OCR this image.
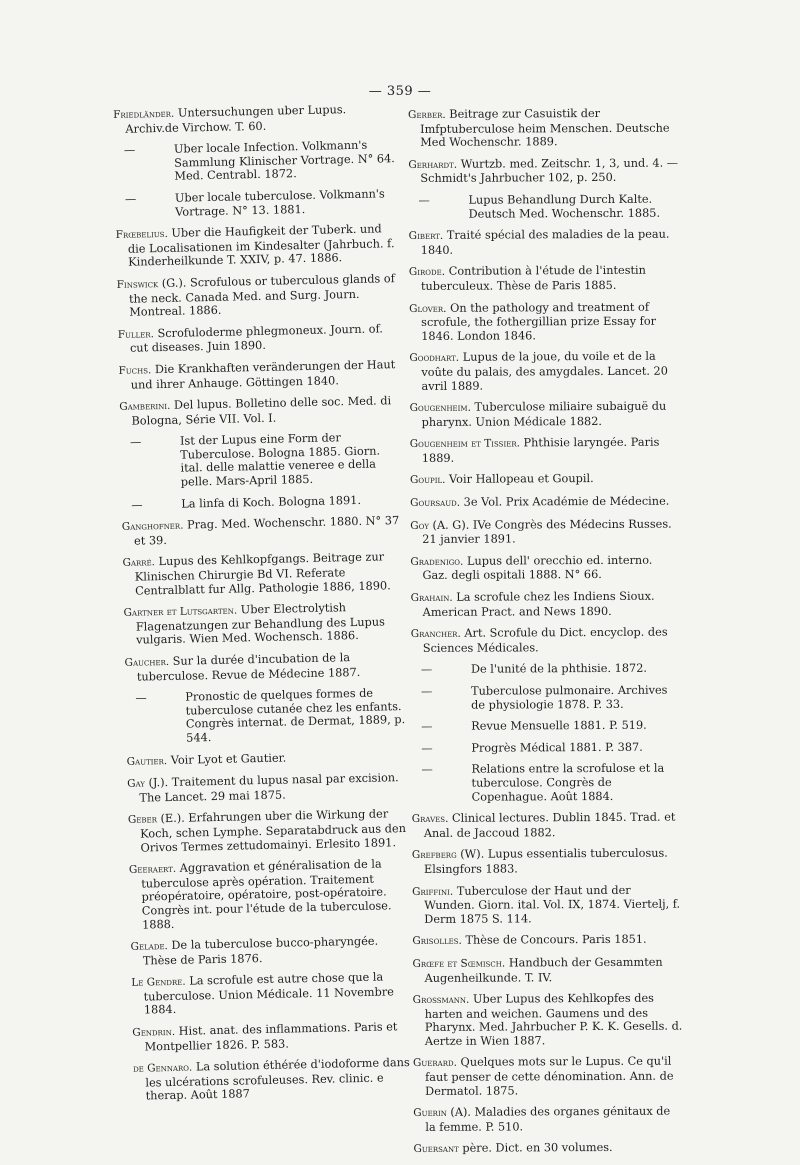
— 359 —
Friedländer. Untersuchungen uber Lupus. Archiv.de Virchow. T. 60.
—	Uber locale Infection. Volkmann's Sammlung Klinischer Vortrage. N° 64. Med. Centrabl. 1872.
—	Uber locale tuberculose. Volkmann's Vortrage. N° 13. 1881.
Frœbelius. Uber die Haufigkeit der Tuberk. und die Localisationen im Kindesalter (Jahrbuch. f. Kinderheilkunde T. XXIV, p. 47. 1886.
Finswick (G.). Scrofulous or tuberculous glands of the neck. Canada Med. and Surg. Journ. Montreal. 1886.
Fuller. Scrofuloderme phlegmoneux. Journ. of. cut diseases. Juin 1890.
Fuchs. Die Krankhaften veränderungen der Haut und ihrer Anhauge. Göttingen 1840.
Gamberini. Del lupus. Bolletino delle soc. Med. di Bologna, Série VII. Vol. I.
—	Ist der Lupus eine Form der Tuberculose. Bologna 1885. Giorn. ital. delle malattie veneree e della pelle. Mars-April 1885.
—	La linfa di Koch. Bologna 1891.
Ganghofner. Prag. Med. Wochenschr. 1880. N° 37 et 39.
Garré. Lupus des Kehlkopfgangs. Beitrage zur Klinischen Chirurgie Bd VI. Referate Centralblatt fur Allg. Pathologie 1886, 1890.
Gartner et Lutsgarten. Uber Electrolytish Flagenatzungen zur Behandlung des Lupus vulgaris. Wien Med. Wochensch. 1886.
Gaucher. Sur la durée d'incubation de la tuberculose. Revue de Médecine 1887.
—	Pronostic de quelques formes de tuberculose cutanée chez les enfants. Congrès internat. de Dermat, 1889, p. 544.
Gautier. Voir Lyot et Gautier.
Gay (J.). Traitement du lupus nasal par excision. The Lancet. 29 mai 1875.
Geber (E.). Erfahrungen uber die Wirkung der Koch, schen Lymphe. Separatabdruck aus den Orivos Termes zettudomainyi. Erlesito 1891.
Geeraert. Aggravation et généralisation de la tuberculose après opération. Traitement préopératoire, opératoire, post-opératoire. Congrès int. pour l'étude de la tuberculose. 1888.
Gelade. De la tuberculose bucco-pharyngée. Thèse de Paris 1876.
Le Gendre. La scrofule est autre chose que la tuberculose. Union Médicale. 11 Novembre 1884.
Gendrin. Hist. anat. des inflammations. Paris et Montpellier 1826. P. 583.
de Gennaro. La solution éthérée d'iodoforme dans les ulcérations scrofuleuses. Rev. clinic. e therap. Août 1887
Gerber. Beitrage zur Casuistik der Imfptuberculose heim Menschen. Deutsche Med Wochenschr. 1889.
Gerhardt. Wurtzb. med. Zeitschr. 1, 3, und. 4. — Schmidt's Jahrbucher 102, p. 250.
—	Lupus Behandlung Durch Kalte. Deutsch Med. Wochenschr. 1885.
Gibert. Traité spécial des maladies de la peau. 1840.
Girode. Contribution à l'étude de l'intestin tuberculeux. Thèse de Paris 1885.
Glover. On the pathology and treatment of scrofule, the fothergillian prize Essay for 1846. London 1846.
Goodhart. Lupus de la joue, du voile et de la voûte du palais, des amygdales. Lancet. 20 avril 1889.
Gougenheim. Tuberculose miliaire subaiguë du pharynx. Union Médicale 1882.
Gougenheim et Tissier. Phthisie laryngée. Paris 1889.
Goupil. Voir Hallopeau et Goupil.
Goursaud. 3e Vol. Prix Académie de Médecine.
Goy (A. G). IVe Congrès des Médecins Russes. 21 janvier 1891.
Gradenigo. Lupus dell' orecchio ed. interno. Gaz. degli ospitali 1888. N° 66.
Grahain. La scrofule chez les Indiens Sioux. American Pract. and News 1890.
Grancher. Art. Scrofule du Dict. encyclop. des Sciences Médicales.
—	De l'unité de la phthisie. 1872.
—	Tuberculose pulmonaire. Archives de physiologie 1878. P. 33.
—	Revue Mensuelle 1881. P. 519.
—	Progrès Médical 1881. P. 387.
—	Relations entre la scrofulose et la tuberculose. Congrès de Copenhague. Août 1884.
Graves. Clinical lectures. Dublin 1845. Trad. et Anal. de Jaccoud 1882.
Grefberg (W). Lupus essentialis tuberculosus. Elsingfors 1883.
Griffini. Tuberculose der Haut und der Wunden. Giorn. ital. Vol. IX, 1874. Viertelj, f. Derm 1875 S. 114.
Grisolles. Thèse de Concours. Paris 1851.
Grœfe et Sœmisch. Handbuch der Gesammten Augenheilkunde. T. IV.
Grossmann. Uber Lupus des Kehlkopfes des harten and weichen. Gaumens und des Pharynx. Med. Jahrbucher P. K. K. Gesells. d. Aertze in Wien 1887.
Guerard. Quelques mots sur le Lupus. Ce qu'il faut penser de cette dénomination. Ann. de Dermatol. 1875.
Guerin (A). Maladies des organes génitaux de la femme. P. 510.
Guersant père. Dict. en 30 volumes.
